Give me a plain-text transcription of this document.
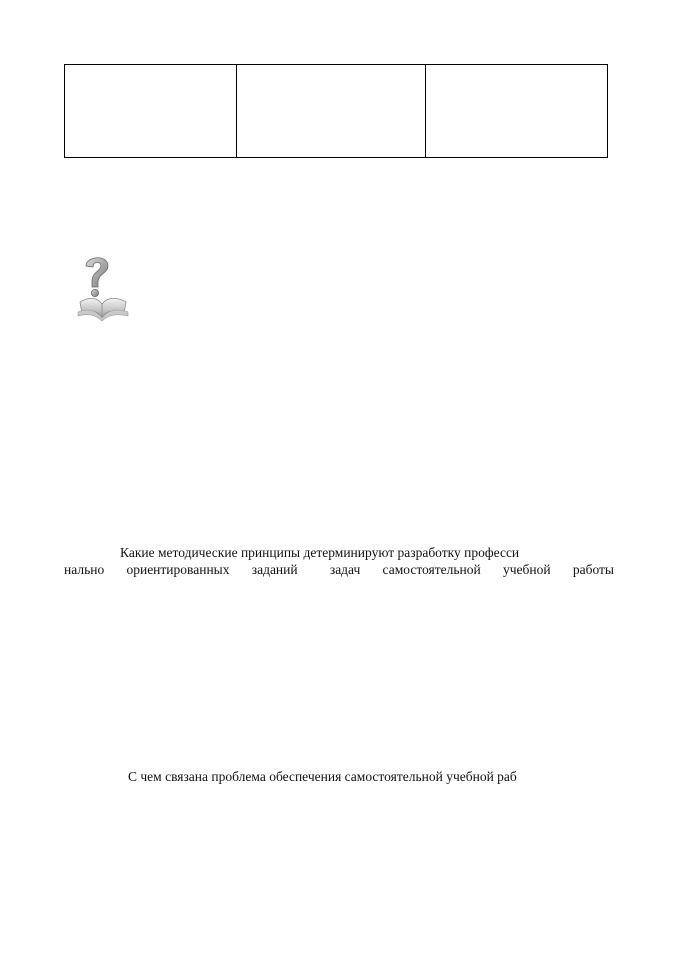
Какие методические принципы детерминируют разработку професси
нально ориентированных заданий задач самостоятельной учебной работы
С чем связана проблема обеспечения самостоятельной учебной раб
